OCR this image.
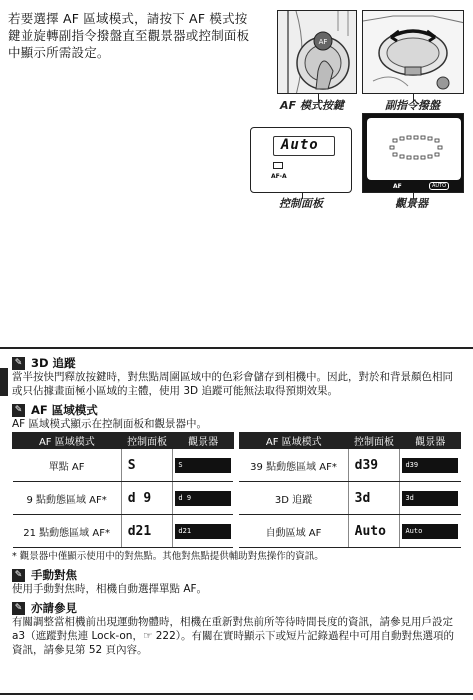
若要選擇 AF 區域模式，請按下 AF 模式按鍵並旋轉副指令撥盤直至觀景器或控制面板中顯示所需設定。
AF
AF 模式按鍵	副指令撥盤
Auto
AF-A
控制面板
AF	AUTO
觀景器
✎ 3D 追蹤
當半按快門釋放按鍵時，對焦點周圍區域中的色彩會儲存到相機中。因此，對於和背景顏色相同或只佔據畫面極小區域的主體，使用 3D 追蹤可能無法取得預期效果。
✎ AF 區域模式
AF 區域模式顯示在控制面板和觀景器中。
AF 區域模式	控制面板	觀景器		AF 區域模式	控制面板	觀景器
單點 AF	S	S		39 點動態區域 AF*	d39	d39
9 點動態區域 AF*	d 9	d 9		3D 追蹤	3d	3d
21 點動態區域 AF*	d21	d21		自動區域 AF	Auto	Auto
* 觀景器中僅顯示使用中的對焦點。其他對焦點提供輔助對焦操作的資訊。
✎ 手動對焦
使用手動對焦時，相機自動選擇單點 AF。
✎ 亦請參見
有關調整當相機前出現運動物體時，相機在重新對焦前所等待時間長度的資訊，請參見用戶設定 a3（遮蹤對焦連 Lock-on，☞ 222）。有關在實時顯示下或短片記錄過程中可用自動對焦選項的資訊，請參見第 52 頁內容。
